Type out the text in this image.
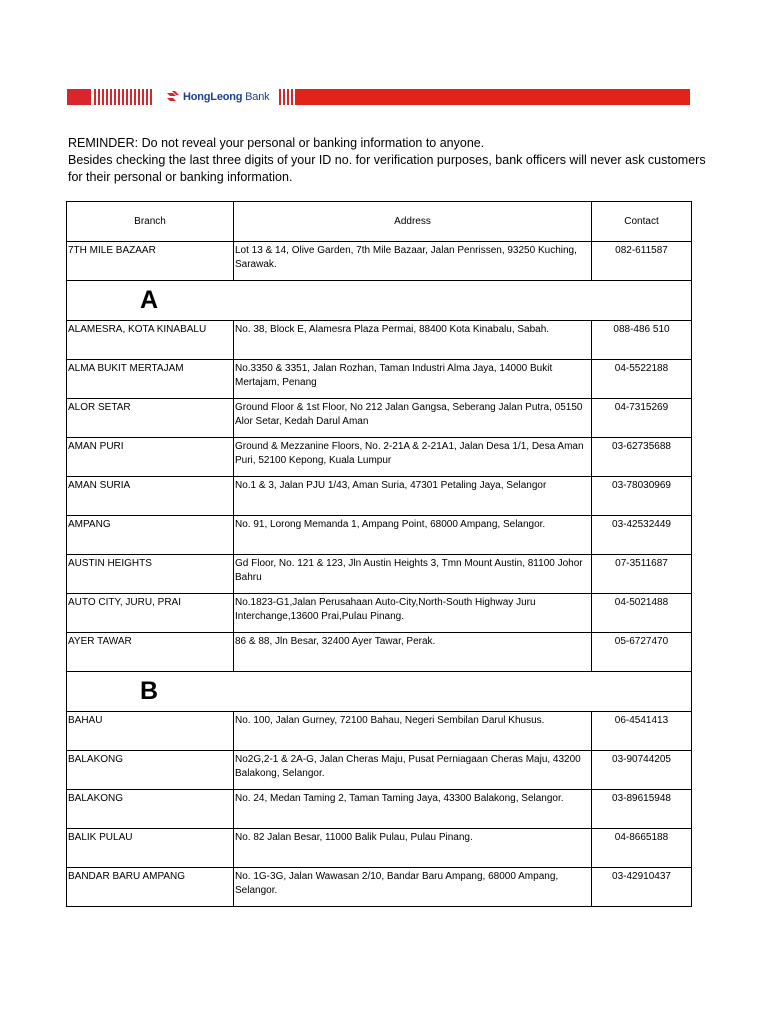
HongLeong Bank

REMINDER: Do not reveal your personal or banking information to anyone.

Besides checking the last three digits of your ID no. for verification purposes, bank officers will never ask customers for their personal or banking information.

Branch	Address	Contact
7TH MILE BAZAAR	Lot 13 & 14, Olive Garden, 7th Mile Bazaar, Jalan Penrissen, 93250 Kuching, Sarawak.	082-611587
A		
ALAMESRA, KOTA KINABALU	No. 38, Block E, Alamesra Plaza Permai, 88400 Kota Kinabalu, Sabah.	088-486 510
ALMA BUKIT MERTAJAM	No.3350 & 3351, Jalan Rozhan, Taman Industri Alma Jaya, 14000 Bukit Mertajam, Penang	04-5522188
ALOR SETAR	Ground Floor & 1st Floor, No 212 Jalan Gangsa, Seberang Jalan Putra, 05150 Alor Setar, Kedah Darul Aman	04-7315269
AMAN PURI	Ground & Mezzanine Floors, No. 2-21A & 2-21A1, Jalan Desa 1/1, Desa Aman Puri, 52100 Kepong, Kuala Lumpur	03-62735688
AMAN SURIA	No.1 & 3, Jalan PJU 1/43, Aman Suria, 47301 Petaling Jaya, Selangor	03-78030969
AMPANG	No. 91, Lorong Memanda 1, Ampang Point, 68000 Ampang, Selangor.	03-42532449
AUSTIN HEIGHTS	Gd Floor, No. 121 & 123, Jln Austin Heights 3, Tmn Mount Austin, 81100 Johor Bahru	07-3511687
AUTO CITY, JURU, PRAI	No.1823-G1,Jalan Perusahaan Auto-City,North-South Highway Juru Interchange,13600 Prai,Pulau Pinang.	04-5021488
AYER TAWAR	86 & 88, Jln Besar, 32400 Ayer Tawar, Perak.	05-6727470
B		
BAHAU	No. 100, Jalan Gurney, 72100 Bahau, Negeri Sembilan Darul Khusus.	06-4541413
BALAKONG	No2G,2-1 & 2A-G, Jalan Cheras Maju, Pusat Perniagaan Cheras Maju, 43200 Balakong, Selangor.	03-90744205
BALAKONG	No. 24, Medan Taming 2, Taman Taming Jaya, 43300 Balakong, Selangor.	03-89615948
BALIK PULAU	No. 82 Jalan Besar, 11000 Balik Pulau, Pulau Pinang.	04-8665188
BANDAR BARU AMPANG	No. 1G-3G, Jalan Wawasan 2/10, Bandar Baru Ampang, 68000 Ampang, Selangor.	03-42910437
